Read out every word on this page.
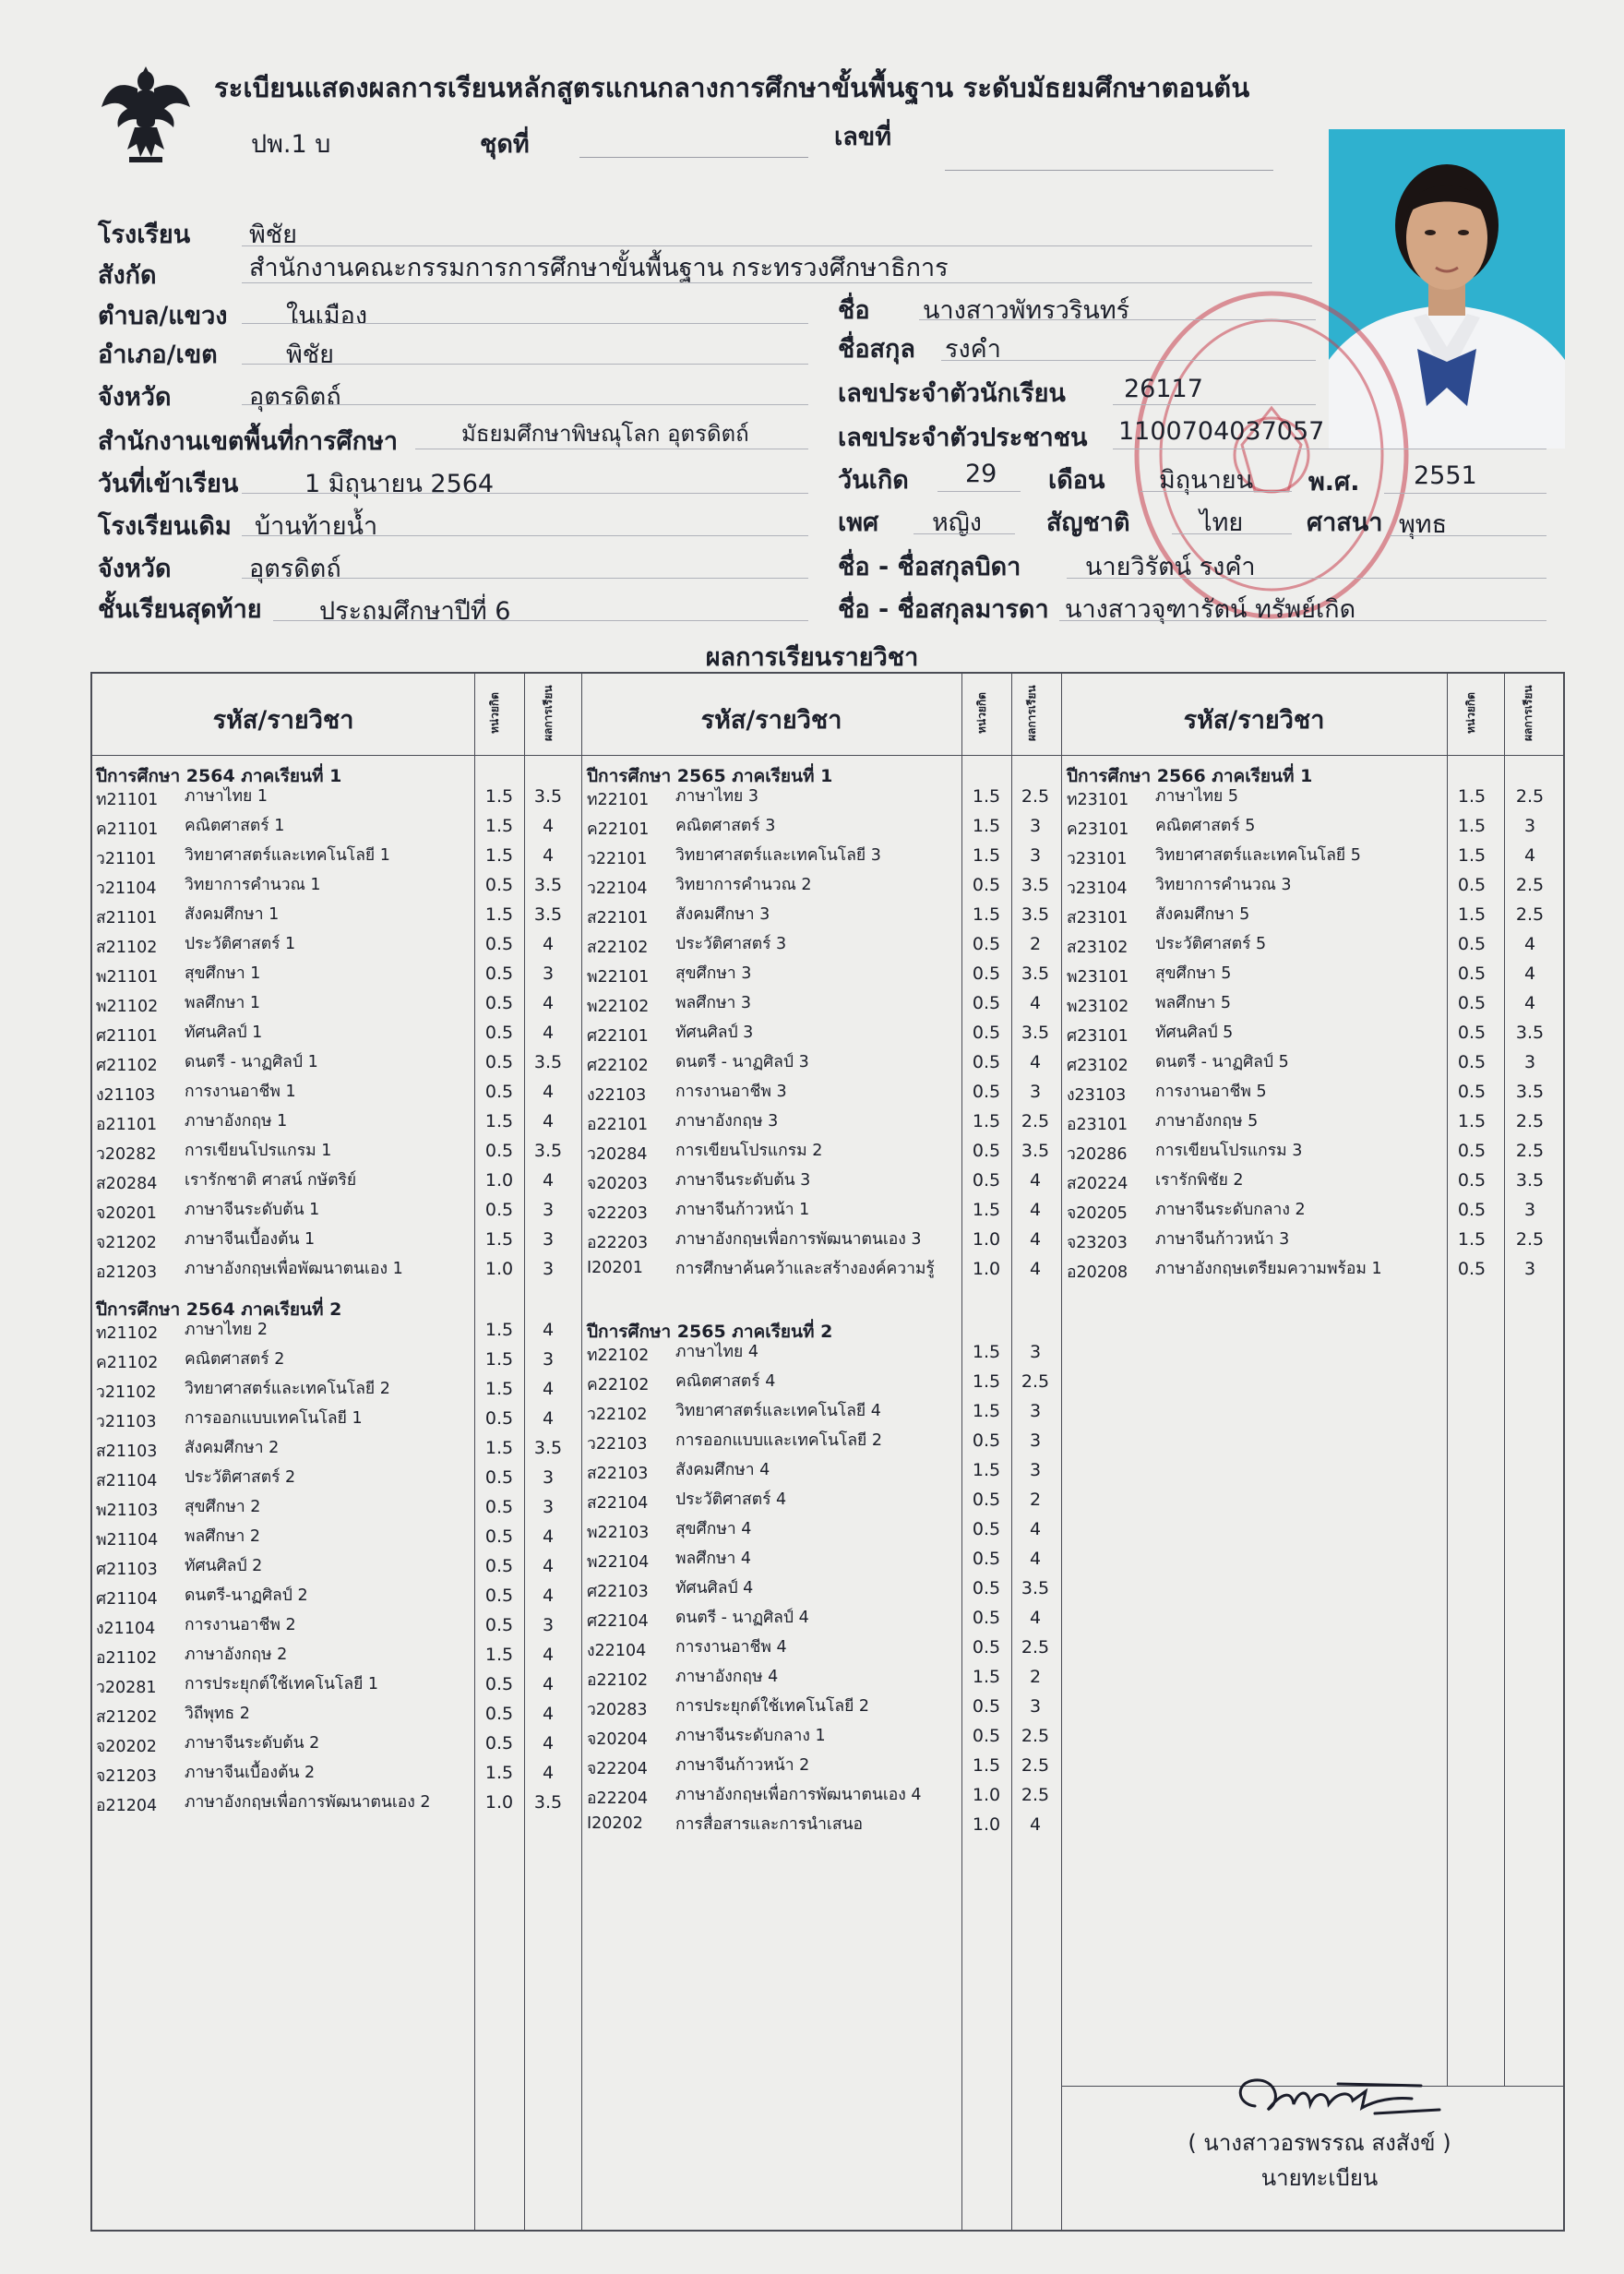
ระเบียนแสดงผลการเรียนหลักสูตรแกนกลางการศึกษาขั้นพื้นฐาน ระดับมัธยมศึกษาตอนต้น
ปพ.1 บ	ชุดที่	เลขที่
โรงเรียน พิชัย
สังกัด	สำนักงานคณะกรรมการการศึกษาขั้นพื้นฐาน กระทรวงศึกษาธิการ
ตำบล/แขวง ในเมือง
อำเภอ/เขต	พิชัย
จังหวัด	อุตรดิตถ์
สำนักงานเขตพื้นที่การศึกษา	มัธยมศึกษาพิษณุโลก อุตรดิตถ์
วันที่เข้าเรียน	1 มิถุนายน 2564
โรงเรียนเดิม บ้านท้ายน้ำ
จังหวัด	อุตรดิตถ์
ชั้นเรียนสุดท้าย ประถมศึกษาปีที่ 6
ชื่อ นางสาวพัทรวรินทร์
ชื่อสกุล รงคำ
เลขประจำตัวนักเรียน 26117
เลขประจำตัวประชาชน 1100704037057
วันเกิด 29 เดือน มิถุนายน พ.ศ. 2551
เพศ หญิง	สัญชาติ	ไทย	ศาสนา พุทธ
ชื่อ - ชื่อสกุลบิดา	นายวิรัตน์ รงคำ
ชื่อ - ชื่อสกุลมารดา นางสาวจุฑารัตน์ ทรัพย์เกิด
ผลการเรียนรายวิชา
รหัส/รายวิชา	หน่วยกิต	ผลการเรียน	รหัส/รายวิชา	หน่วยกิต	ผลการเรียน	รหัส/รายวิชา	หน่วยกิต	ผลการเรียน
ปีการศึกษา 2564 ภาคเรียนที่ 1
ท21101 ภาษาไทย 1	1.5	3.5
ค21101 คณิตศาสตร์ 1	1.5	4
ว21101 วิทยาศาสตร์และเทคโนโลยี 1	1.5	4
ว21104 วิทยาการคำนวณ 1	0.5	3.5
ส21101 สังคมศึกษา 1	1.5	3.5
ส21102 ประวัติศาสตร์ 1	0.5	4
พ21101 สุขศึกษา 1	0.5	3
พ21102 พลศึกษา 1	0.5	4
ศ21101 ทัศนศิลป์ 1	0.5	4
ศ21102 ดนตรี - นาฏศิลป์ 1	0.5	3.5
ง21103 การงานอาชีพ 1	0.5	4
อ21101 ภาษาอังกฤษ 1	1.5	4
ว20282 การเขียนโปรแกรม 1	0.5	3.5
ส20284 เรารักชาติ ศาสน์ กษัตริย์	1.0	4
จ20201 ภาษาจีนระดับต้น 1	0.5	3
จ21202 ภาษาจีนเบื้องต้น 1	1.5	3
อ21203 ภาษาอังกฤษเพื่อพัฒนาตนเอง 1	1.0	3
ปีการศึกษา 2564 ภาคเรียนที่ 2
ท21102 ภาษาไทย 2	1.5	4
ค21102 คณิตศาสตร์ 2	1.5	3
ว21102 วิทยาศาสตร์และเทคโนโลยี 2	1.5	4
ว21103 การออกแบบเทคโนโลยี 1	0.5	4
ส21103 สังคมศึกษา 2	1.5	3.5
ส21104 ประวัติศาสตร์ 2	0.5	3
พ21103 สุขศึกษา 2	0.5	3
พ21104 พลศึกษา 2	0.5	4
ศ21103 ทัศนศิลป์ 2	0.5	4
ศ21104 ดนตรี-นาฏศิลป์ 2	0.5	4
ง21104 การงานอาชีพ 2	0.5	3
อ21102 ภาษาอังกฤษ 2	1.5	4
ว20281 การประยุกต์ใช้เทคโนโลยี 1	0.5	4
ส21202 วิถีพุทธ 2	0.5	4
จ20202 ภาษาจีนระดับต้น 2	0.5	4
จ21203 ภาษาจีนเบื้องต้น 2	1.5	4
อ21204 ภาษาอังกฤษเพื่อการพัฒนาตนเอง 2	1.0	3.5
ปีการศึกษา 2565 ภาคเรียนที่ 1
ท22101 ภาษาไทย 3	1.5	2.5
ค22101 คณิตศาสตร์ 3	1.5	3
ว22101 วิทยาศาสตร์และเทคโนโลยี 3	1.5	3
ว22104 วิทยาการคำนวณ 2	0.5	3.5
ส22101 สังคมศึกษา 3	1.5	3.5
ส22102 ประวัติศาสตร์ 3	0.5	2
พ22101 สุขศึกษา 3	0.5	3.5
พ22102 พลศึกษา 3	0.5	4
ศ22101 ทัศนศิลป์ 3	0.5	3.5
ศ22102 ดนตรี - นาฏศิลป์ 3	0.5	4
ง22103 การงานอาชีพ 3	0.5	3
อ22101 ภาษาอังกฤษ 3	1.5	2.5
ว20284 การเขียนโปรแกรม 2	0.5	3.5
จ20203 ภาษาจีนระดับต้น 3	0.5	4
จ22203 ภาษาจีนก้าวหน้า 1	1.5	4
อ22203 ภาษาอังกฤษเพื่อการพัฒนาตนเอง 3	1.0	4
I20201 การศึกษาค้นคว้าและสร้างองค์ความรู้	1.0	4
ปีการศึกษา 2565 ภาคเรียนที่ 2
ท22102 ภาษาไทย 4	1.5	3
ค22102 คณิตศาสตร์ 4	1.5	2.5
ว22102 วิทยาศาสตร์และเทคโนโลยี 4	1.5	3
ว22103 การออกแบบและเทคโนโลยี 2	0.5	3
ส22103 สังคมศึกษา 4	1.5	3
ส22104 ประวัติศาสตร์ 4	0.5	2
พ22103 สุขศึกษา 4	0.5	4
พ22104 พลศึกษา 4	0.5	4
ศ22103 ทัศนศิลป์ 4	0.5	3.5
ศ22104 ดนตรี - นาฏศิลป์ 4	0.5	4
ง22104 การงานอาชีพ 4	0.5	2.5
อ22102 ภาษาอังกฤษ 4	1.5	2
ว20283 การประยุกต์ใช้เทคโนโลยี 2	0.5	3
จ20204 ภาษาจีนระดับกลาง 1	0.5	2.5
จ22204 ภาษาจีนก้าวหน้า 2	1.5	2.5
อ22204 ภาษาอังกฤษเพื่อการพัฒนาตนเอง 4	1.0	2.5
I20202 การสื่อสารและการนำเสนอ	1.0	4
ปีการศึกษา 2566 ภาคเรียนที่ 1
ท23101 ภาษาไทย 5	1.5	2.5
ค23101 คณิตศาสตร์ 5	1.5	3
ว23101 วิทยาศาสตร์และเทคโนโลยี 5	1.5	4
ว23104 วิทยาการคำนวณ 3	0.5	2.5
ส23101 สังคมศึกษา 5	1.5	2.5
ส23102 ประวัติศาสตร์ 5	0.5	4
พ23101 สุขศึกษา 5	0.5	4
พ23102 พลศึกษา 5	0.5	4
ศ23101 ทัศนศิลป์ 5	0.5	3.5
ศ23102 ดนตรี - นาฏศิลป์ 5	0.5	3
ง23103 การงานอาชีพ 5	0.5	3.5
อ23101 ภาษาอังกฤษ 5	1.5	2.5
ว20286 การเขียนโปรแกรม 3	0.5	2.5
ส20224 เรารักพิชัย 2	0.5	3.5
จ20205 ภาษาจีนระดับกลาง 2	0.5	3
จ23203 ภาษาจีนก้าวหน้า 3	1.5	2.5
อ20208 ภาษาอังกฤษเตรียมความพร้อม 1	0.5	3
( นางสาวอรพรรณ สงสังข์ )
นายทะเบียน
